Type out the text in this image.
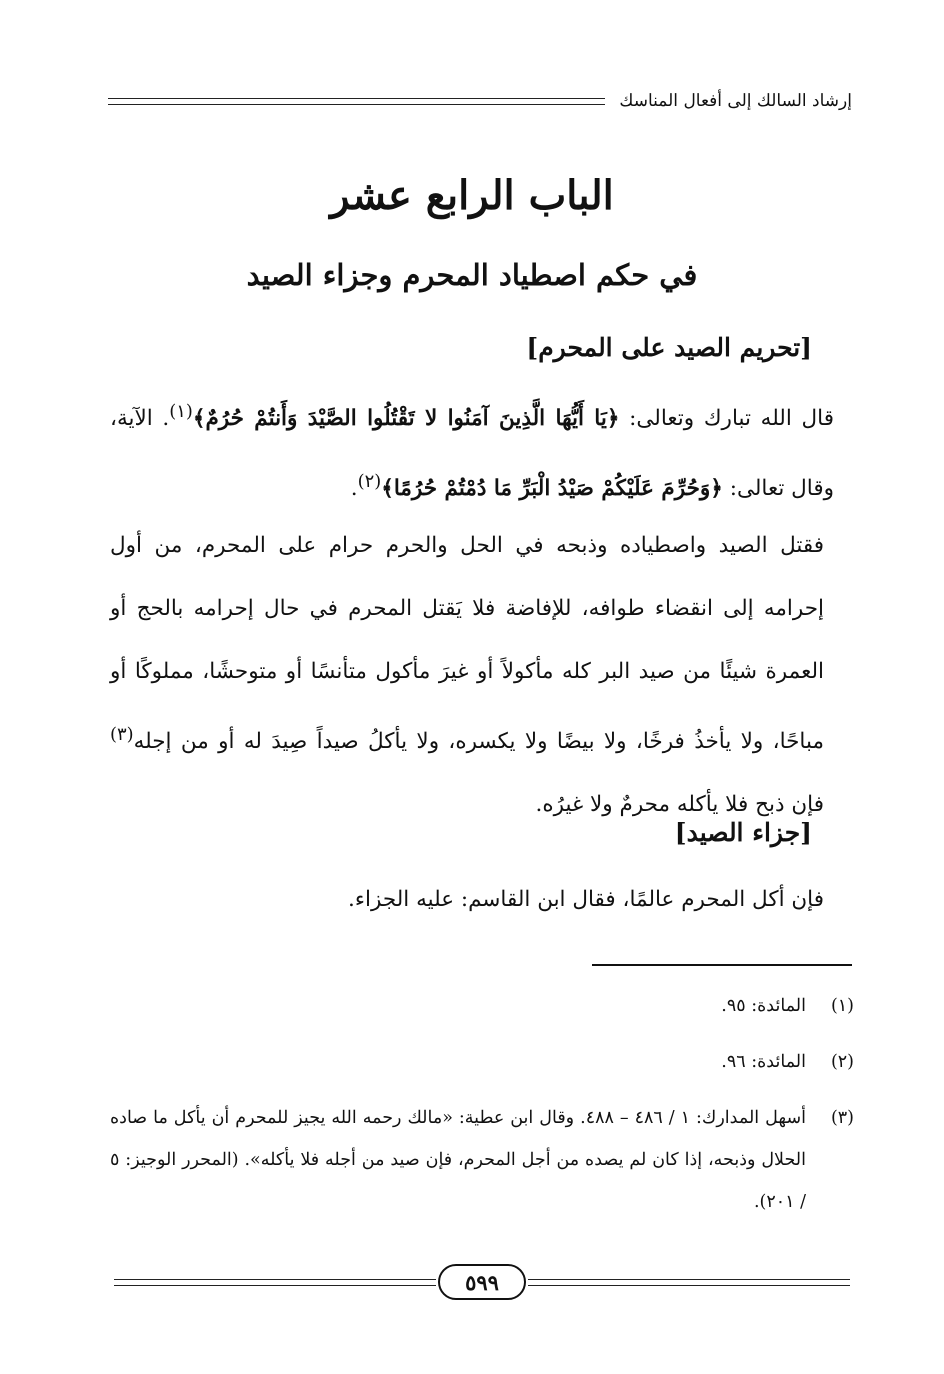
إرشاد السالك إلى أفعال المناسك
الباب الرابع عشر
في حكم اصطياد المحرم وجزاء الصيد
[تحريم الصيد على المحرم]
قال الله تبارك وتعالى: ﴿يَا أَيُّهَا الَّذِينَ آمَنُوا لا تَقْتُلُوا الصَّيْدَ وَأَنتُمْ حُرُمٌ﴾$^{(١)}$. الآية، وقال تعالى: ﴿وَحُرِّمَ عَلَيْكُمْ صَيْدُ الْبَرِّ مَا دُمْتُمْ حُرُمًا﴾$^{(٢)}$.
فقتل الصيد واصطياده وذبحه في الحل والحرم حرام على المحرم، من أول إحرامه إلى انقضاء طوافه، للإفاضة فلا يَقتل المحرم في حال إحرامه بالحج أو العمرة شيئًا من صيد البر كله مأكولاً أو غيرَ مأكول متأنسًا أو متوحشًا، مملوكًا أو مباحًا، ولا يأخذُ فرخًا، ولا بيضًا ولا يكسره، ولا يأكلُ صيداً صِيدَ له أو من إجله$^{(٣)}$ فإن ذبح فلا يأكله محرمٌ ولا غيرُه.
[جزاء الصيد]
فإن أكل المحرم عالمًا، فقال ابن القاسم: عليه الجزاء.
(١)
المائدة: ٩٥.
(٢)
المائدة: ٩٦.
(٣)
أسهل المدارك: ١ / ٤٨٦ – ٤٨٨. وقال ابن عطية: «مالك رحمه الله يجيز للمحرم أن يأكل ما صاده الحلال وذبحه، إذا كان لم يصده من أجل المحرم، فإن صيد من أجله فلا يأكله». (المحرر الوجيز: ٥ / ٢٠١).
٥٩٩
